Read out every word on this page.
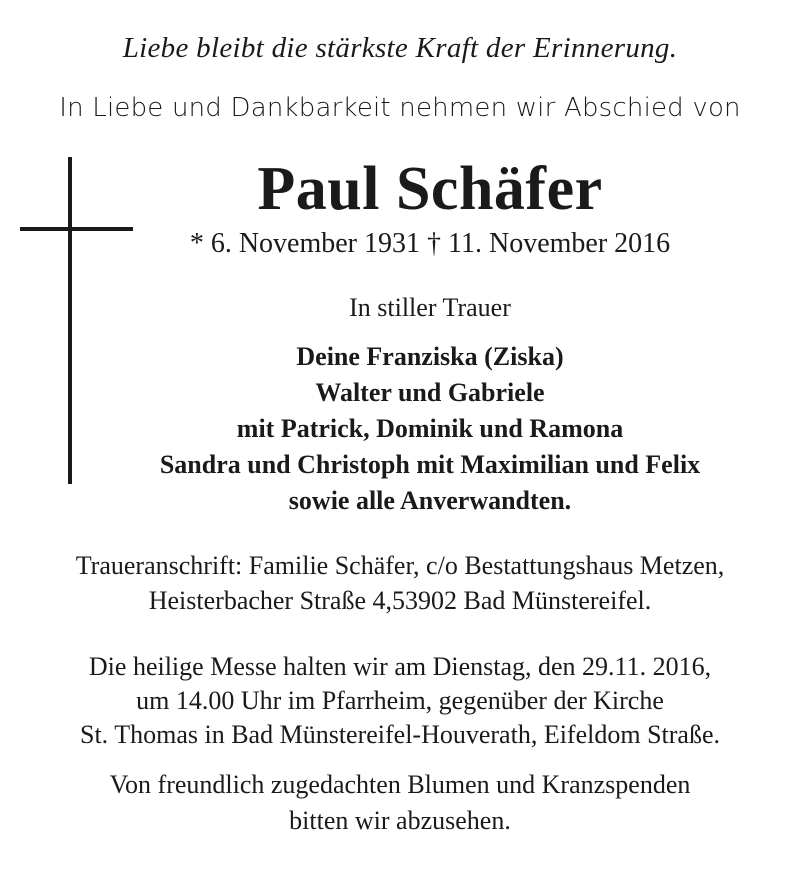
Liebe bleibt die stärkste Kraft der Erinnerung.
In Liebe und Dankbarkeit nehmen wir Abschied von
Paul Schäfer
* 6. November 1931 † 11. November 2016
In stiller Trauer
Deine Franziska (Ziska)
Walter und Gabriele
mit Patrick, Dominik und Ramona
Sandra und Christoph mit Maximilian und Felix
sowie alle Anverwandten.
Traueranschrift: Familie Schäfer, c/o Bestattungshaus Metzen,
Heisterbacher Straße 4,53902 Bad Münstereifel.
Die heilige Messe halten wir am Dienstag, den 29.11. 2016,
um 14.00 Uhr im Pfarrheim, gegenüber der Kirche
St. Thomas in Bad Münstereifel-Houverath, Eifeldom Straße.
Von freundlich zugedachten Blumen und Kranzspenden
bitten wir abzusehen.
